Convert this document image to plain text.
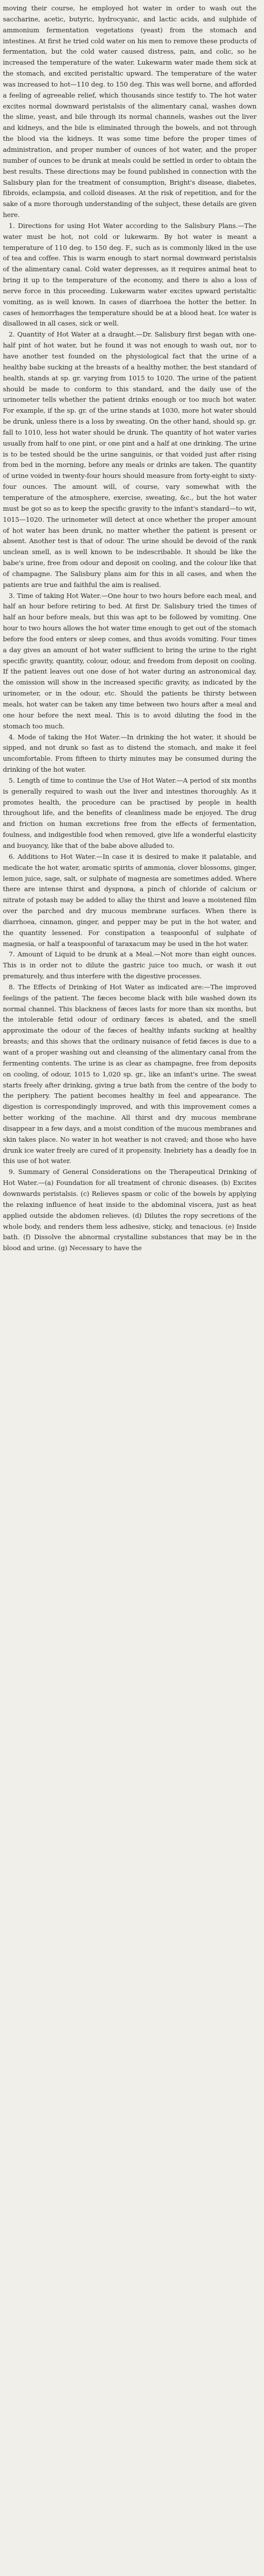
moving their course, he employed hot water in order to wash out the saccharine, acetic, butyric, hydrocyanic, and lactic acids, and sulphide of ammonium fermentation vegetations (yeast) from the stomach and intestines. At first he tried cold water on his men to remove these products of fermentation, but the cold water caused distress, pain, and colic, so he increased the temperature of the water. Lukewarm water made them sick at the stomach, and excited peristaltic upward. The temperature of the water was increased to hot—110 deg. to 150 deg. This was well borne, and afforded a feeling of agreeable relief, which thousands since testify to. The hot water excites normal downward peristalsis of the alimentary canal, washes down the slime, yeast, and bile through its normal channels, washes out the liver and kidneys, and the bile is eliminated through the bowels, and not through the blood via the kidneys. It was some time before the proper times of administration, and proper number of ounces of hot water, and the proper number of ounces to be drunk at meals could be settled in order to obtain the best results. These directions may be found published in connection with the Salisbury plan for the treatment of consumption, Bright's disease, diabetes, fibroids, eclampsia, and colloid diseases. At the risk of repetition, and for the sake of a more thorough understanding of the subject, these details are given here.

1. Directions for using Hot Water according to the Salisbury Plans.—The water must be hot, not cold or lukewarm. By hot water is meant a temperature of 110 deg. to 150 deg. F., such as is commonly liked in the use of tea and coffee. This is warm enough to start normal downward peristalsis of the alimentary canal. Cold water depresses, as it requires animal heat to bring it up to the temperature of the economy, and there is also a loss of nerve force in this proceeding. Lukewarm water excites upward peristaltic vomiting, as is well known. In cases of diarrhoea the hotter the better. In cases of hemorrhages the temperature should be at a blood heat. Ice water is disallowed in all cases, sick or well.

2. Quantity of Hot Water at a draught.—Dr. Salisbury first began with one-half pint of hot water, but he found it was not enough to wash out, nor to have another test founded on the physiological fact that the urine of a healthy babe sucking at the breasts of a healthy mother, the best standard of health, stands at sp. gr. varying from 1015 to 1020. The urine of the patient should be made to conform to this standard, and the daily use of the urinometer tells whether the patient drinks enough or too much hot water. For example, if the sp. gr. of the urine stands at 1030, more hot water should be drunk, unless there is a loss by sweating. On the other hand, should sp. gr. fall to 1010, less hot water should be drunk. The quantity of hot water varies usually from half to one pint, or one pint and a half at one drinking. The urine is to be tested should be the urine sanguinis, or that voided just after rising from bed in the morning, before any meals or drinks are taken. The quantity of urine voided in twenty-four hours should measure from forty-eight to sixty-four ounces. The amount will, of course, vary somewhat with the temperature of the atmosphere, exercise, sweating, &c., but the hot water must be got so as to keep the specific gravity to the infant's standard—to wit, 1015—1020. The urinometer will detect at once whether the proper amount of hot water has been drunk, no matter whether the patient is present or absent. Another test is that of odour. The urine should be devoid of the rank unclean smell, as is well known to be indescribable. It should be like the babe's urine, free from odour and deposit on cooling, and the colour like that of champagne. The Salisbury plans aim for this in all cases, and when the patients are true and faithful the aim is realised.

3. Time of taking Hot Water.—One hour to two hours before each meal, and half an hour before retiring to bed. At first Dr. Salisbury tried the times of half an hour before meals, but this was apt to be followed by vomiting. One hour to two hours allows the hot water time enough to get out of the stomach before the food enters or sleep comes, and thus avoids vomiting. Four times a day gives an amount of hot water sufficient to bring the urine to the right specific gravity, quantity, colour, odour, and freedom from deposit on cooling. If the patient leaves out one dose of hot water during an astronomical day, the omission will show in the increased specific gravity, as indicated by the urinometer, or in the odour, etc. Should the patients be thirsty between meals, hot water can be taken any time between two hours after a meal and one hour before the next meal. This is to avoid diluting the food in the stomach too much.

4. Mode of taking the Hot Water.—In drinking the hot water, it should be sipped, and not drunk so fast as to distend the stomach, and make it feel uncomfortable. From fifteen to thirty minutes may be consumed during the drinking of the hot water.

5. Length of time to continue the Use of Hot Water.—A period of six months is generally required to wash out the liver and intestines thoroughly. As it promotes health, the procedure can be practised by people in health throughout life, and the benefits of cleanliness made be enjoyed. The drug and friction on human excretions free from the effects of fermentation, foulness, and indigestible food when removed, give life a wonderful elasticity and buoyancy, like that of the babe above alluded to.

6. Additions to Hot Water.—In case it is desired to make it palatable, and medicate the hot water, aromatic spirits of ammonia, clover blossoms, ginger, lemon juice, sage, salt, or sulphate of magnesia are sometimes added. Where there are intense thirst and dyspnœa, a pinch of chloride of calcium or nitrate of potash may be added to allay the thirst and leave a moistened film over the parched and dry mucous membrane surfaces. When there is diarrhoea, cinnamon, ginger, and pepper may be put in the hot water, and the quantity lessened. For constipation a teaspoonful of sulphate of magnesia, or half a teaspoonful of taraxacum may be used in the hot water.

7. Amount of Liquid to be drunk at a Meal.—Not more than eight ounces. This is in order not to dilute the gastric juice too much, or wash it out prematurely, and thus interfere with the digestive processes.

8. The Effects of Drinking of Hot Water as indicated are:—The improved feelings of the patient. The fæces become black with bile washed down its normal channel. This blackness of fæces lasts for more than six months, but the intolerable fetid odour of ordinary fæces is abated, and the smell approximate the odour of the fæces of healthy infants sucking at healthy breasts; and this shows that the ordinary nuisance of fetid fæces is due to a want of a proper washing out and cleansing of the alimentary canal from the fermenting contents. The urine is as clear as champagne, free from deposits on cooling, of odour, 1015 to 1,020 sp. gr., like an infant's urine. The sweat starts freely after drinking, giving a true bath from the centre of the body to the periphery. The patient becomes healthy in feel and appearance. The digestion is correspondingly improved, and with this improvement comes a better working of the machine. All thirst and dry mucous membrane disappear in a few days, and a moist condition of the mucous membranes and skin takes place. No water in hot weather is not craved; and those who have drunk ice water freely are cured of it propensity. Inebriety has a deadly foe in this use of hot water.

9. Summary of General Considerations on the Therapeutical Drinking of Hot Water.—(a) Foundation for all treatment of chronic diseases. (b) Excites downwards peristalsis. (c) Relieves spasm or colic of the bowels by applying the relaxing influence of heat inside to the abdominal viscera, just as heat applied outside the abdomen relieves. (d) Dilutes the ropy secretions of the whole body, and renders them less adhesive, sticky, and tenacious. (e) Inside bath. (f) Dissolve the abnormal crystalline substances that may be in the blood and urine. (g) Necessary to have the
